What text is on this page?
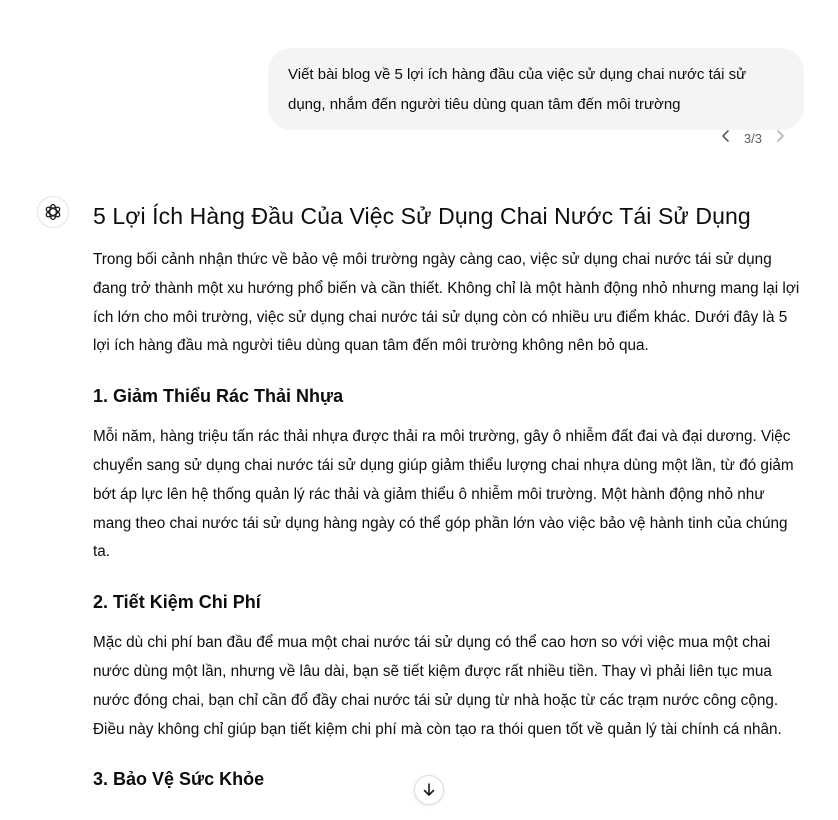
Viết bài blog về 5 lợi ích hàng đầu của việc sử dụng chai nước tái sử dụng, nhắm đến người tiêu dùng quan tâm đến môi trường
3/3
5 Lợi Ích Hàng Đầu Của Việc Sử Dụng Chai Nước Tái Sử Dụng

Trong bối cảnh nhận thức về bảo vệ môi trường ngày càng cao, việc sử dụng chai nước tái sử dụng đang trở thành một xu hướng phổ biến và cần thiết. Không chỉ là một hành động nhỏ nhưng mang lại lợi ích lớn cho môi trường, việc sử dụng chai nước tái sử dụng còn có nhiều ưu điểm khác. Dưới đây là 5 lợi ích hàng đầu mà người tiêu dùng quan tâm đến môi trường không nên bỏ qua.

1. Giảm Thiểu Rác Thải Nhựa

Mỗi năm, hàng triệu tấn rác thải nhựa được thải ra môi trường, gây ô nhiễm đất đai và đại dương. Việc chuyển sang sử dụng chai nước tái sử dụng giúp giảm thiểu lượng chai nhựa dùng một lần, từ đó giảm bớt áp lực lên hệ thống quản lý rác thải và giảm thiểu ô nhiễm môi trường. Một hành động nhỏ như mang theo chai nước tái sử dụng hàng ngày có thể góp phần lớn vào việc bảo vệ hành tinh của chúng ta.

2. Tiết Kiệm Chi Phí

Mặc dù chi phí ban đầu để mua một chai nước tái sử dụng có thể cao hơn so với việc mua một chai nước dùng một lần, nhưng về lâu dài, bạn sẽ tiết kiệm được rất nhiều tiền. Thay vì phải liên tục mua nước đóng chai, bạn chỉ cần đổ đầy chai nước tái sử dụng từ nhà hoặc từ các trạm nước công cộng. Điều này không chỉ giúp bạn tiết kiệm chi phí mà còn tạo ra thói quen tốt về quản lý tài chính cá nhân.

3. Bảo Vệ Sức Khỏe
